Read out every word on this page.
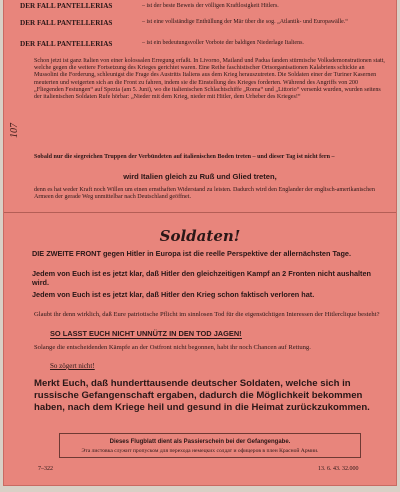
DER FALL PANTELLERIAS	– ist der beste Beweis der völligen Kraftlosigkeit Hitlers.
DER FALL PANTELLERIAS	– ist eine vollständige Enthüllung der Mär über die sog. „Atlantik- und Europawälle.“
DER FALL PANTELLERIAS	– ist ein bedeutungsvoller Vorbote der baldigen Niederlage Italiens.
Schon jetzt ist ganz Italien von einer kolossalen Erregung erfaßt. In Livorno, Mailand und Padua fanden stürmische Volksdemonstrationen statt, welche gegen die weitere Fortsetzung des Krieges gerichtet waren. Eine Reihe faschistischer Ortsorganisationen Kalabriens schickte an Mussolini die Forderung, schleunigst die Frage des Austritts Italiens aus dem Krieg herauszutreten. Die Soldaten einer der Turiner Kasernen meuterten und weigerten sich an die Front zu fahren, indem sie die Einstellung des Krieges forderten. Während des Angriffs von 200 „Fliegenden Festungen“ auf Spezia (am 5. Juni), wo die italienischen Schlachtschiffe „Roma“ und „Littorio“ versenkt wurden, wurden seitens der italienischen Soldaten Rufe hörbar: „Nieder mit dem Krieg, nieder mit Hitler, dem Urheber des Krieges!“
Sobald nur die siegreichen Truppen der Verbündeten auf italienischen Boden treten – und dieser Tag ist nicht fern –
wird Italien gleich zu Ruß und Glied treten,
denn es hat weder Kraft noch Willen um einen ernsthaften Widerstand zu leisten. Dadurch wird den Englander der englisch-amerikanischen Armeen der gerade Weg unmittelbar nach Deutschland geöffnet.
107
Soldaten!
DIE ZWEITE FRONT gegen Hitler in Europa ist die reelle Perspektive der allernächsten Tage.
Jedem von Euch ist es jetzt klar, daß Hitler den gleichzeitigen Kampf an 2 Fronten nicht aushalten wird.
Jedem von Euch ist es jetzt klar, daß Hitler den Krieg schon faktisch verloren hat.
Glaubt ihr denn wirklich, daß Eure patriotische Pflicht im sinnlosen Tod für die eigensüchtigen Interessen der Hitlerclique besteht?
SO LASST EUCH NICHT UNNÜTZ IN DEN TOD JAGEN!
Solange die entscheidenden Kämpfe an der Ostfront nicht begonnen, habt ihr noch Chancen auf Rettung.
So zögert nicht!
Merkt Euch, daß hunderttausende deutscher Soldaten, welche sich in russische Gefangenschaft ergaben, dadurch die Möglichkeit bekommen haben, nach dem Kriege heil und gesund in die Heimat zurückzukommen.
Dieses Flugblatt dient als Passierschein bei der Gefangengabe.
Эта листовка служит пропуском для перехода немецких солдат и офицеров в плен Красной Армии.
7–322	13. 6. 43. 32.000
